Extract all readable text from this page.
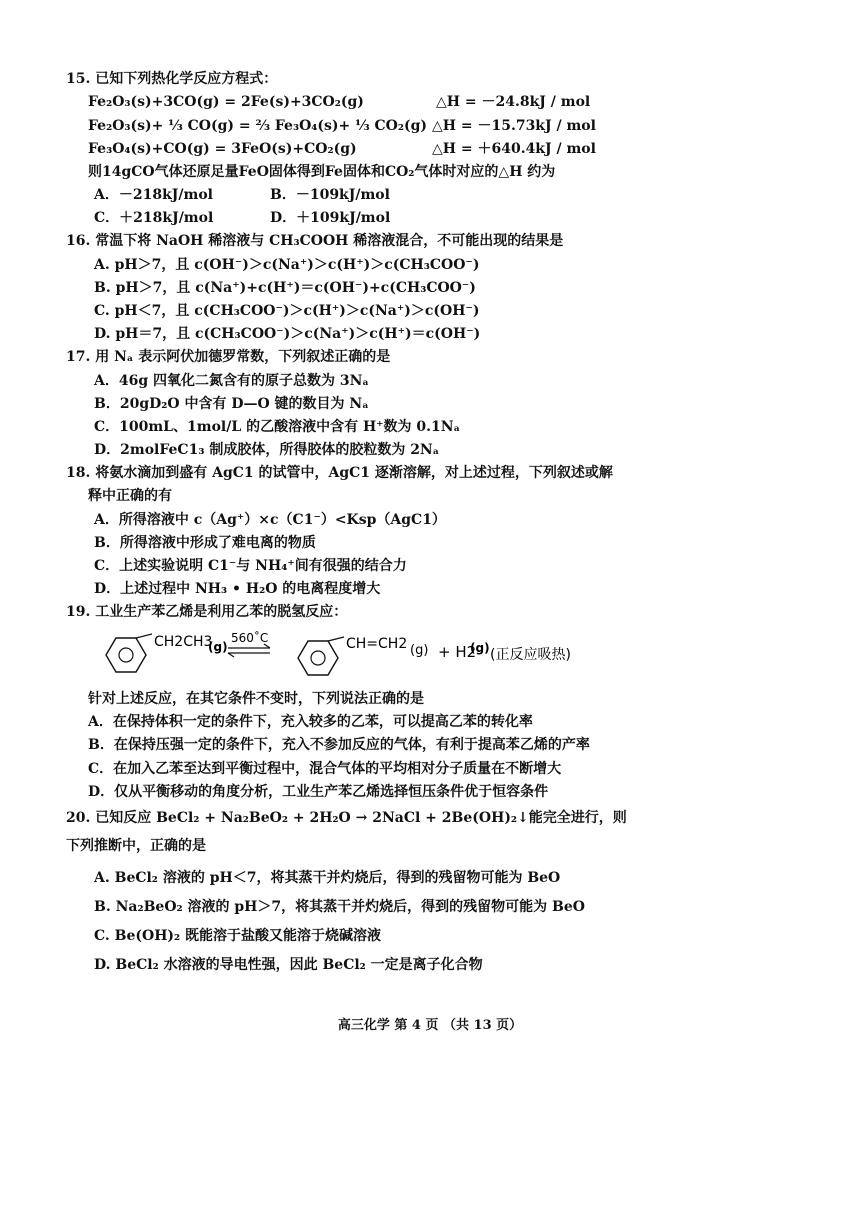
15. 已知下列热化学反应方程式：
Fe₂O₃(s)+3CO(g) = 2Fe(s)+3CO₂(g)	△H = －24.8kJ / mol
Fe₂O₃(s)+ ⅓ CO(g) = ⅔ Fe₃O₄(s)+ ⅓ CO₂(g) △H = －15.73kJ / mol
Fe₃O₄(s)+CO(g) = 3FeO(s)+CO₂(g)	△H = ＋640.4kJ / mol
则14gCO气体还原足量FeO固体得到Fe固体和CO₂气体时对应的△H 约为
A．－218kJ/mol	B．－109kJ/mol
C．＋218kJ/mol	D．＋109kJ/mol
16. 常温下将 NaOH 稀溶液与 CH₃COOH 稀溶液混合，不可能出现的结果是
A. pH＞7，且 c(OH⁻)＞c(Na⁺)＞c(H⁺)＞c(CH₃COO⁻)
B. pH＞7，且 c(Na⁺)+c(H⁺)＝c(OH⁻)+c(CH₃COO⁻)
C. pH＜7，且 c(CH₃COO⁻)＞c(H⁺)＞c(Na⁺)＞c(OH⁻)
D. pH＝7，且 c(CH₃COO⁻)＞c(Na⁺)＞c(H⁺)＝c(OH⁻)
17. 用 Nₐ 表示阿伏加德罗常数，下列叙述正确的是
A．46g 四氧化二氮含有的原子总数为 3Nₐ
B．20gD₂O 中含有 D—O 键的数目为 Nₐ
C．100mL、1mol/L 的乙酸溶液中含有 H⁺数为 0.1Nₐ
D．2molFeC1₃ 制成胶体，所得胶体的胶粒数为 2Nₐ
18. 将氨水滴加到盛有 AgC1 的试管中，AgC1 逐渐溶解，对上述过程，下列叙述或解
释中正确的有
A．所得溶液中 c（Ag⁺）×c（C1⁻）<Ksp（AgC1）
B．所得溶液中形成了难电离的物质
C．上述实验说明 C1⁻与 NH₄⁺间有很强的结合力
D．上述过程中 NH₃ • H₂O 的电离程度增大
19. 工业生产苯乙烯是利用乙苯的脱氢反应：
CH2CH3
(g)
560˚C	CH=CH2 (g) + H2
(g) (正反应吸热)
针对上述反应，在其它条件不变时，下列说法正确的是
A．在保持体积一定的条件下，充入较多的乙苯，可以提高乙苯的转化率
B．在保持压强一定的条件下，充入不参加反应的气体，有利于提高苯乙烯的产率
C．在加入乙苯至达到平衡过程中，混合气体的平均相对分子质量在不断增大
D．仅从平衡移动的角度分析，工业生产苯乙烯选择恒压条件优于恒容条件
20. 已知反应 BeCl₂ + Na₂BeO₂ + 2H₂O → 2NaCl + 2Be(OH)₂↓能完全进行，则
下列推断中，正确的是
A. BeCl₂ 溶液的 pH＜7，将其蒸干并灼烧后，得到的残留物可能为 BeO
B. Na₂BeO₂ 溶液的 pH＞7，将其蒸干并灼烧后，得到的残留物可能为 BeO
C. Be(OH)₂ 既能溶于盐酸又能溶于烧碱溶液
D. BeCl₂ 水溶液的导电性强，因此 BeCl₂ 一定是离子化合物
高三化学 第 4 页 （共 13 页）
